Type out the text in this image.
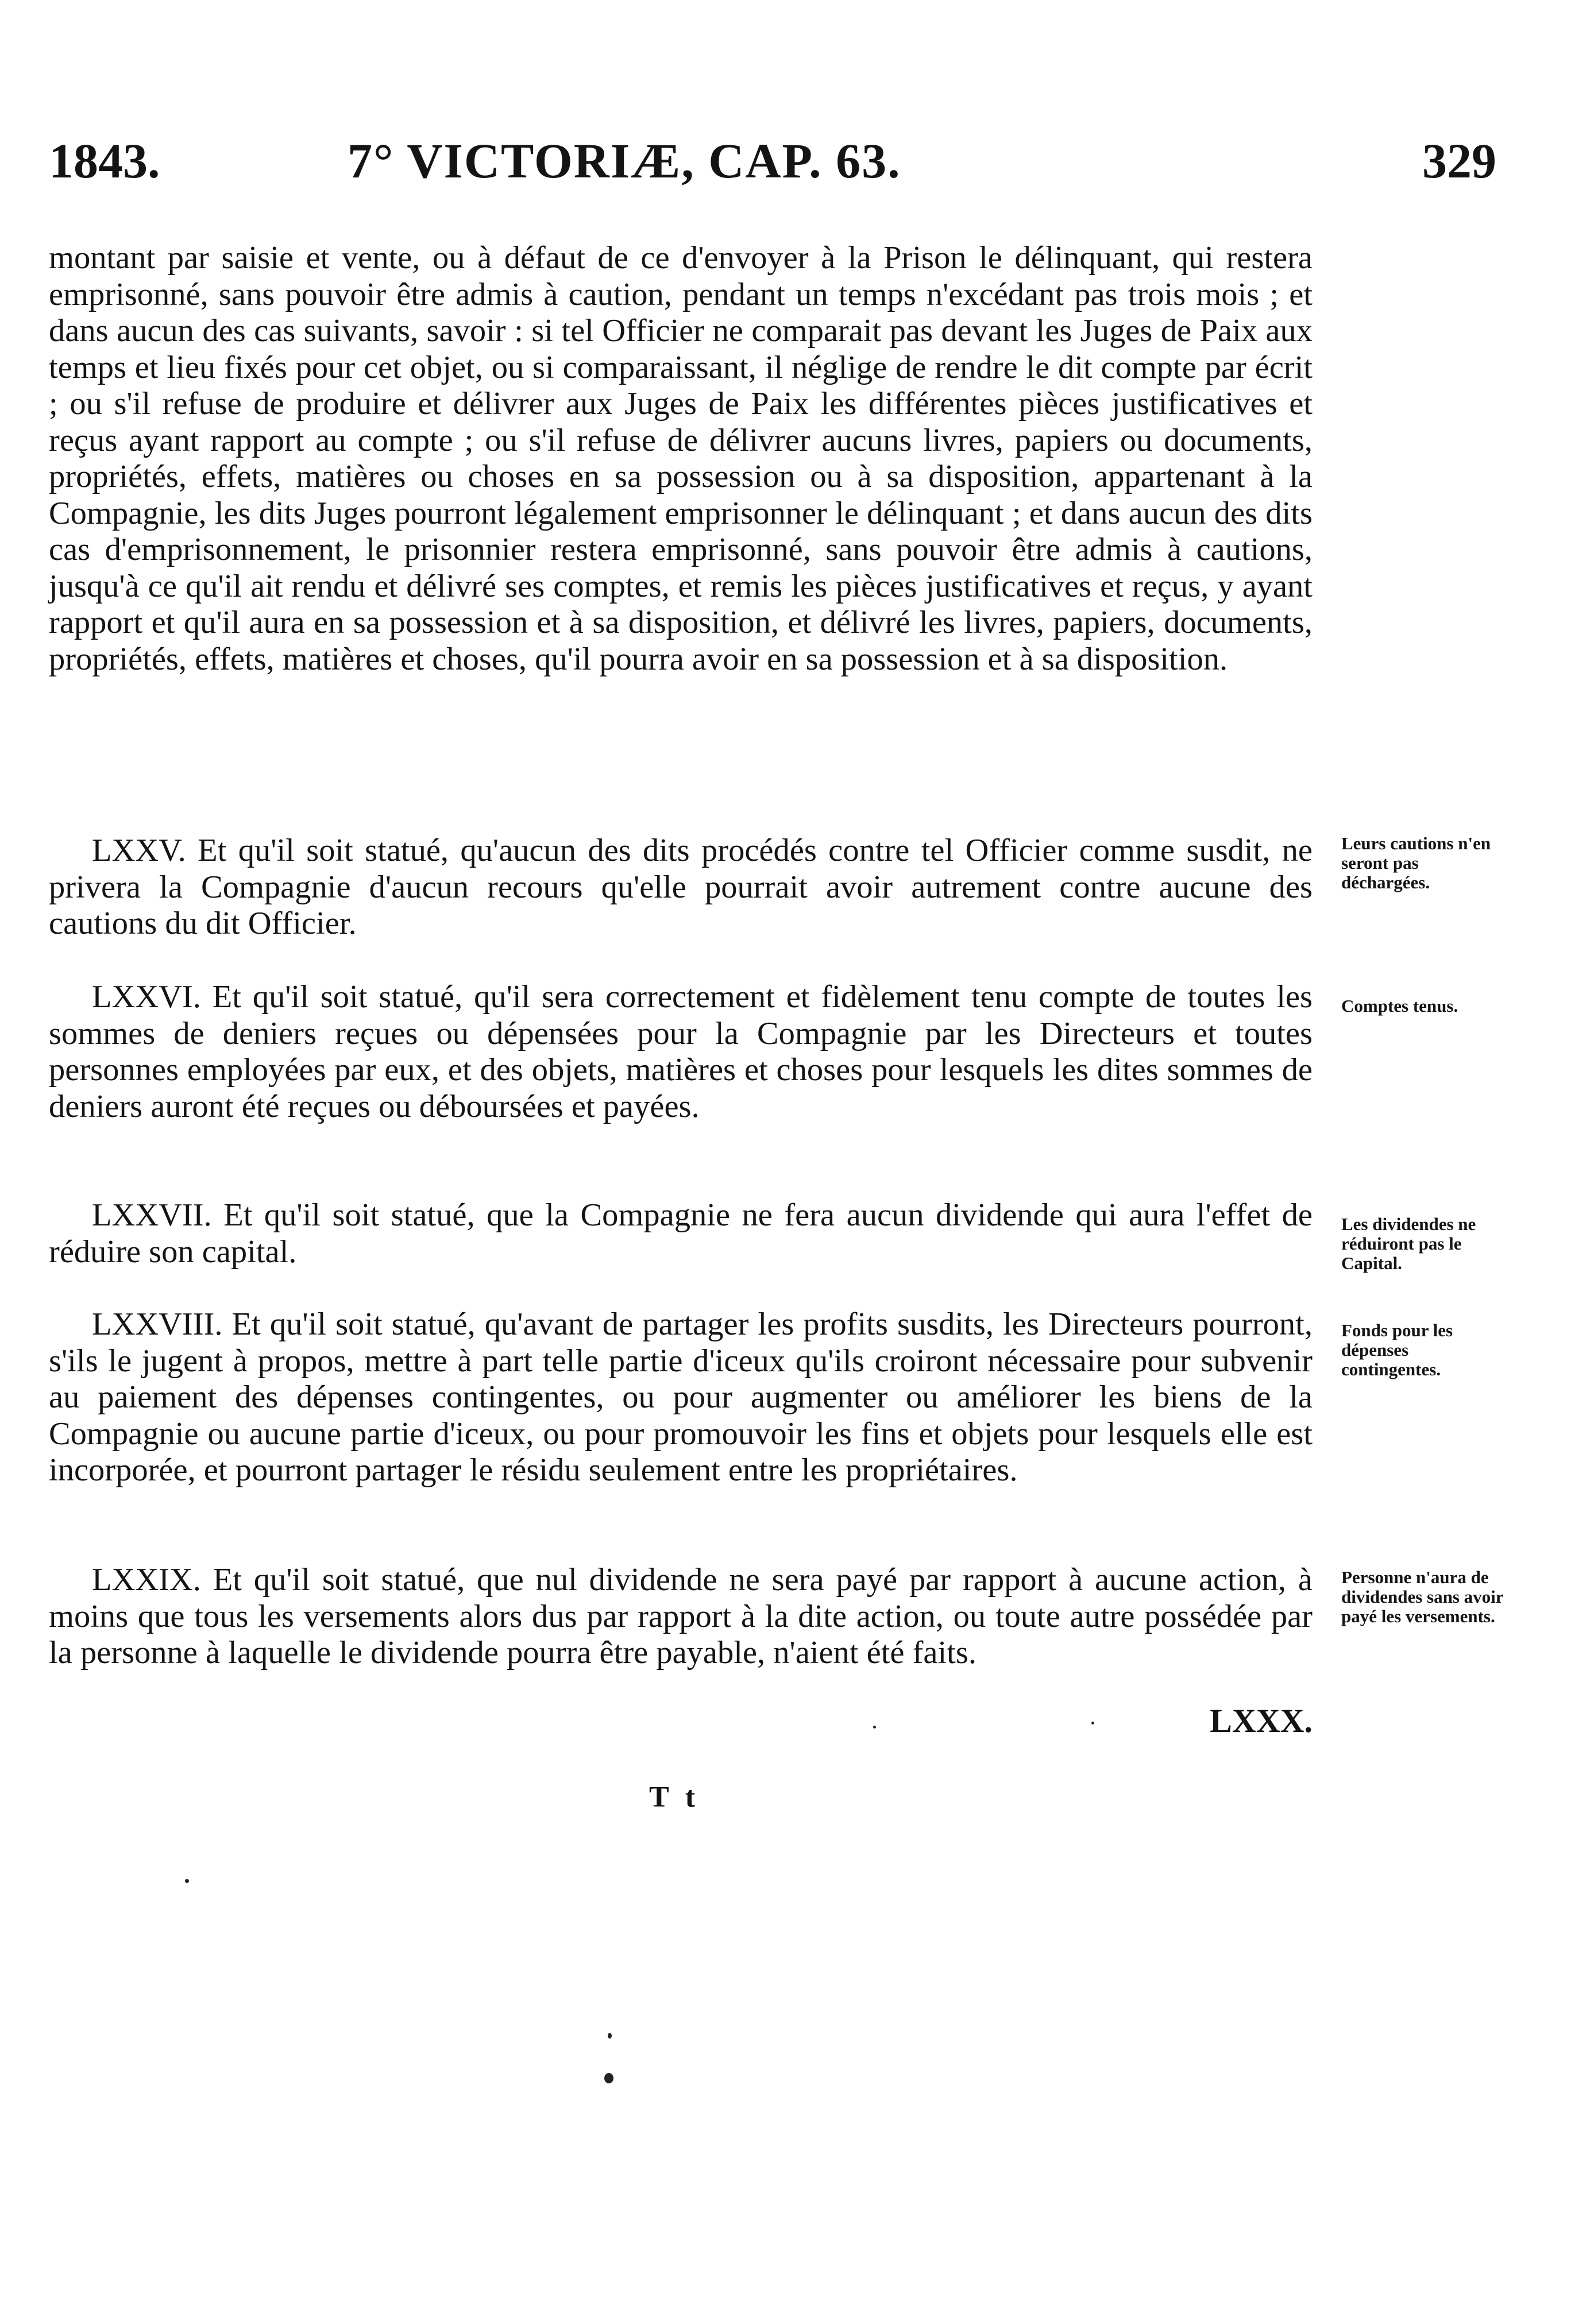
1843.	7° VICTORIÆ, CAP. 63.	329

montant par saisie et vente, ou à défaut de ce d'envoyer à la Prison le délinquant, qui restera emprisonné, sans pouvoir être admis à caution, pendant un temps n'excédant pas trois mois ; et dans aucun des cas suivants, savoir : si tel Officier ne comparait pas devant les Juges de Paix aux temps et lieu fixés pour cet objet, ou si comparaissant, il néglige de rendre le dit compte par écrit ; ou s'il refuse de produire et délivrer aux Juges de Paix les différentes pièces justificatives et reçus ayant rapport au compte ; ou s'il refuse de délivrer aucuns livres, papiers ou documents, propriétés, effets, matières ou choses en sa possession ou à sa disposition, appartenant à la Compagnie, les dits Juges pourront légalement emprisonner le délinquant ; et dans aucun des dits cas d'emprisonnement, le prisonnier restera emprisonné, sans pouvoir être admis à cautions, jusqu'à ce qu'il ait rendu et délivré ses comptes, et remis les pièces justificatives et reçus, y ayant rapport et qu'il aura en sa possession et à sa disposition, et délivré les livres, papiers, documents, propriétés, effets, matières et choses, qu'il pourra avoir en sa possession et à sa disposition.

LXXV. Et qu'il soit statué, qu'aucun des dits procédés contre tel Officier comme susdit, ne privera la Compagnie d'aucun recours qu'elle pourrait avoir autrement contre aucune des cautions du dit Officier.

Leurs cautions n'en seront pas déchargées.

LXXVI. Et qu'il soit statué, qu'il sera correctement et fidèlement tenu compte de toutes les sommes de deniers reçues ou dépensées pour la Compagnie par les Directeurs et toutes personnes employées par eux, et des objets, matières et choses pour lesquels les dites sommes de deniers auront été reçues ou déboursées et payées.

Comptes tenus.

LXXVII. Et qu'il soit statué, que la Compagnie ne fera aucun dividende qui aura l'effet de réduire son capital.

Les dividendes ne réduiront pas le Capital.

LXXVIII. Et qu'il soit statué, qu'avant de partager les profits susdits, les Directeurs pourront, s'ils le jugent à propos, mettre à part telle partie d'iceux qu'ils croiront nécessaire pour subvenir au paiement des dépenses contingentes, ou pour augmenter ou améliorer les biens de la Compagnie ou aucune partie d'iceux, ou pour promouvoir les fins et objets pour lesquels elle est incorporée, et pourront partager le résidu seulement entre les propriétaires.

Fonds pour les dépenses contingentes.

LXXIX. Et qu'il soit statué, que nul dividende ne sera payé par rapport à aucune action, à moins que tous les versements alors dus par rapport à la dite action, ou toute autre possédée par la personne à laquelle le dividende pourra être payable, n'aient été faits.

Personne n'aura de dividendes sans avoir payé les versements.
LXXX.
T t
